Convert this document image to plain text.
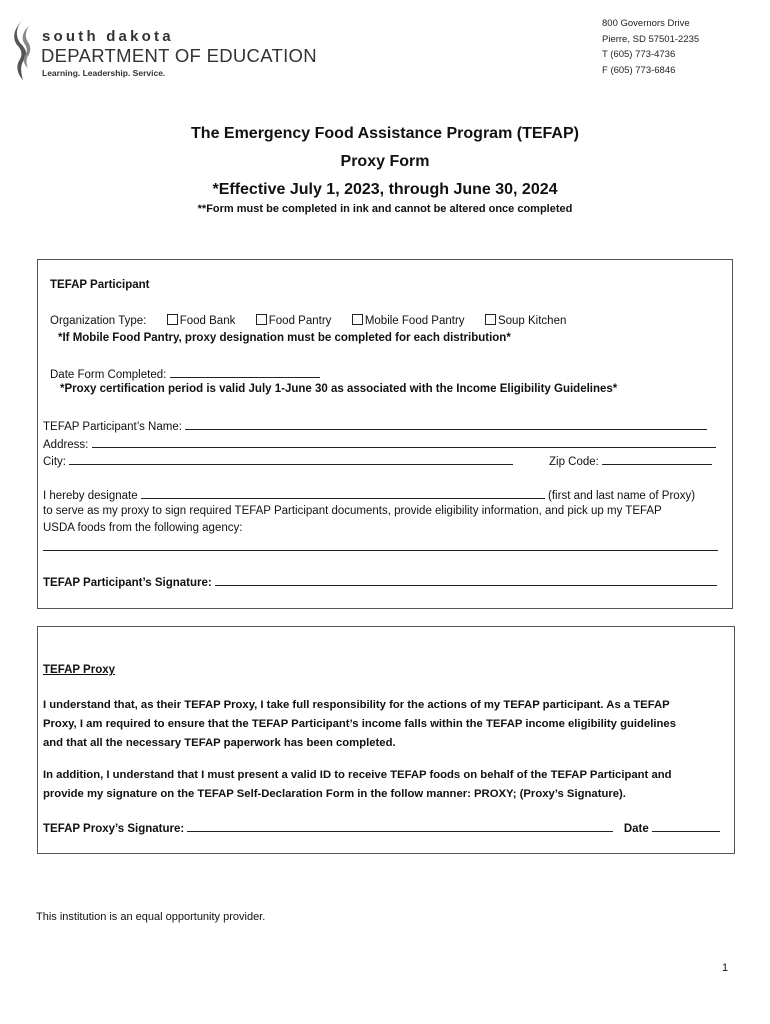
south dakota
DEPARTMENT OF EDUCATION
Learning. Leadership. Service.
800 Governors Drive
Pierre, SD 57501-2235
T (605) 773-4736
F (605) 773-6846
The Emergency Food Assistance Program (TEFAP)
Proxy Form
*Effective July 1, 2023, through June 30, 2024
**Form must be completed in ink and cannot be altered once completed
TEFAP Participant
Organization Type:	Food Bank	Food Pantry	Mobile Food Pantry	Soup Kitchen
*If Mobile Food Pantry, proxy designation must be completed for each distribution*
Date Form Completed:
*Proxy certification period is valid July 1-June 30 as associated with the Income Eligibility Guidelines*
TEFAP Participant’s Name:
Address:
City:	Zip Code:
I hereby designate	(first and last name of Proxy)
to serve as my proxy to sign required TEFAP Participant documents, provide eligibility information, and pick up my TEFAP
USDA foods from the following agency:
TEFAP Participant’s Signature:
TEFAP Proxy
I understand that, as their TEFAP Proxy, I take full responsibility for the actions of my TEFAP participant. As a TEFAP
Proxy, I am required to ensure that the TEFAP Participant’s income falls within the TEFAP income eligibility guidelines
and that all the necessary TEFAP paperwork has been completed.
In addition, I understand that I must present a valid ID to receive TEFAP foods on behalf of the TEFAP Participant and
provide my signature on the TEFAP Self-Declaration Form in the follow manner: PROXY; (Proxy’s Signature).
TEFAP Proxy’s Signature:	Date
This institution is an equal opportunity provider.
1
